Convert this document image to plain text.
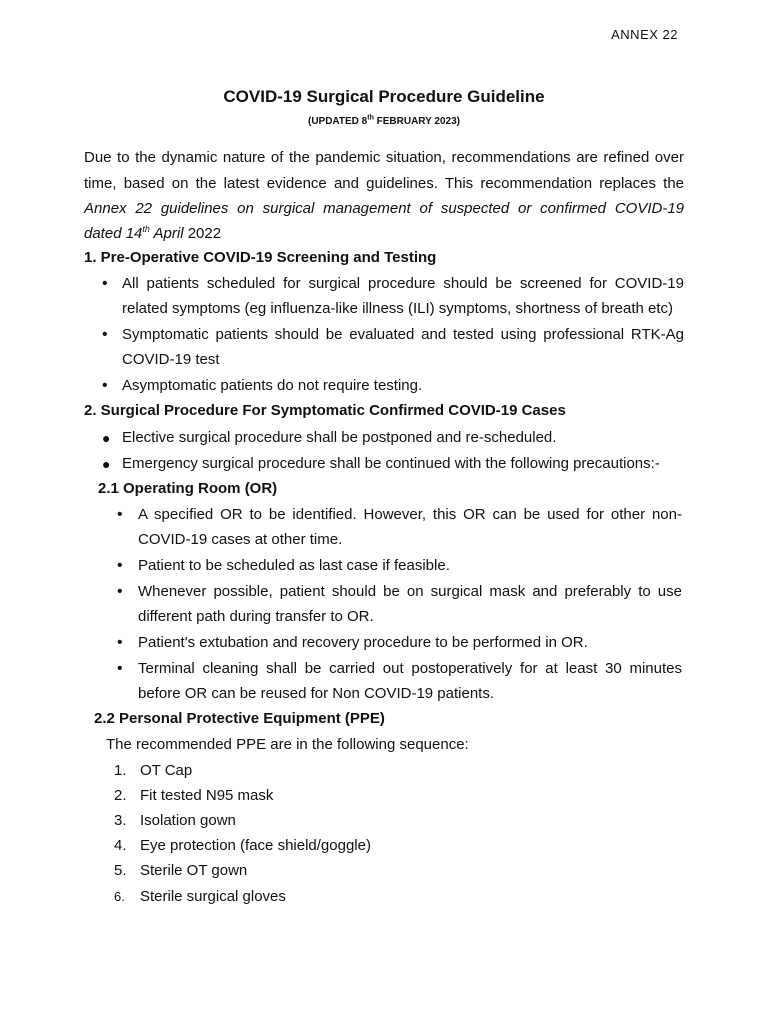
ANNEX 22
COVID-19 Surgical Procedure Guideline
(UPDATED 8th FEBRUARY 2023)
Due to the dynamic nature of the pandemic situation, recommendations are refined over
time, based on the latest evidence and guidelines. This recommendation replaces the
Annex 22 guidelines on surgical management of suspected or confirmed COVID-19
dated 14th April 2022
1. Pre-Operative COVID-19 Screening and Testing
• All patients scheduled for surgical procedure should be screened for COVID-19
related symptoms (eg influenza-like illness (ILI) symptoms, shortness of breath etc)
• Symptomatic patients should be evaluated and tested using professional RTK-Ag
COVID-19 test
• Asymptomatic patients do not require testing.
2. Surgical Procedure For Symptomatic Confirmed COVID-19 Cases
● Elective surgical procedure shall be postponed and re-scheduled.
● Emergency surgical procedure shall be continued with the following precautions:-
2.1 Operating Room (OR)
• A specified OR to be identified. However, this OR can be used for other non-
COVID-19 cases at other time.
• Patient to be scheduled as last case if feasible.
• Whenever possible, patient should be on surgical mask and preferably to use
different path during transfer to OR.
• Patient's extubation and recovery procedure to be performed in OR.
• Terminal cleaning shall be carried out postoperatively for at least 30 minutes
before OR can be reused for Non COVID-19 patients.
2.2 Personal Protective Equipment (PPE)
The recommended PPE are in the following sequence:
1. OT Cap
2. Fit tested N95 mask
3. Isolation gown
4. Eye protection (face shield/goggle)
5. Sterile OT gown
6. Sterile surgical gloves
